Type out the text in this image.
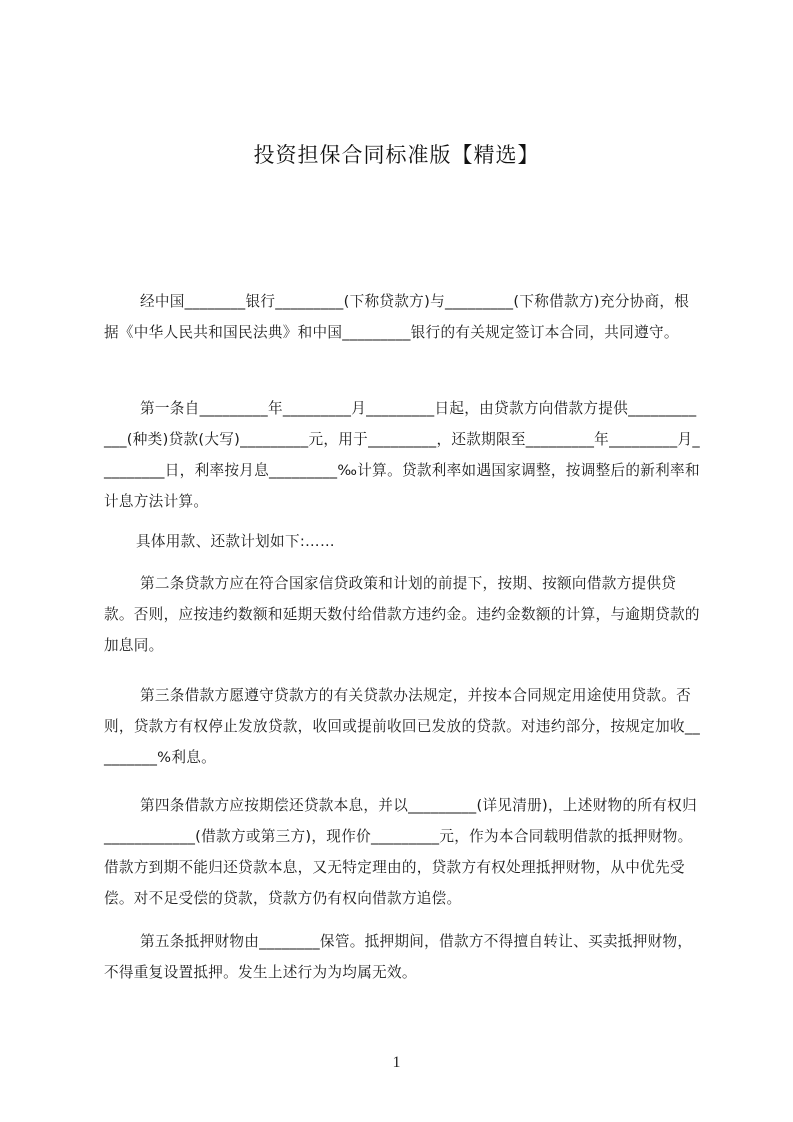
投资担保合同标准版【精选】

经中国________银行_________(下称贷款方)与_________(下称借款方)充分协商，根据《中华人民共和国民法典》和中国_________银行的有关规定签订本合同，共同遵守。

第一条自_________年_________月_________日起，由贷款方向借款方提供____________(种类)贷款(大写)_________元，用于_________，还款期限至_________年_________月_________日，利率按月息_________‰计算。贷款利率如遇国家调整，按调整后的新利率和计息方法计算。

具体用款、还款计划如下:……

第二条贷款方应在符合国家信贷政策和计划的前提下，按期、按额向借款方提供贷款。否则，应按违约数额和延期天数付给借款方违约金。违约金数额的计算，与逾期贷款的加息同。

第三条借款方愿遵守贷款方的有关贷款办法规定，并按本合同规定用途使用贷款。否则，贷款方有权停止发放贷款，收回或提前收回已发放的贷款。对违约部分，按规定加收_________%利息。

第四条借款方应按期偿还贷款本息，并以_________(详见清册)，上述财物的所有权归____________(借款方或第三方)，现作价_________元，作为本合同载明借款的抵押财物。借款方到期不能归还贷款本息，又无特定理由的，贷款方有权处理抵押财物，从中优先受偿。对不足受偿的贷款，贷款方仍有权向借款方追偿。

第五条抵押财物由________保管。抵押期间，借款方不得擅自转让、买卖抵押财物，不得重复设置抵押。发生上述行为为均属无效。

1
